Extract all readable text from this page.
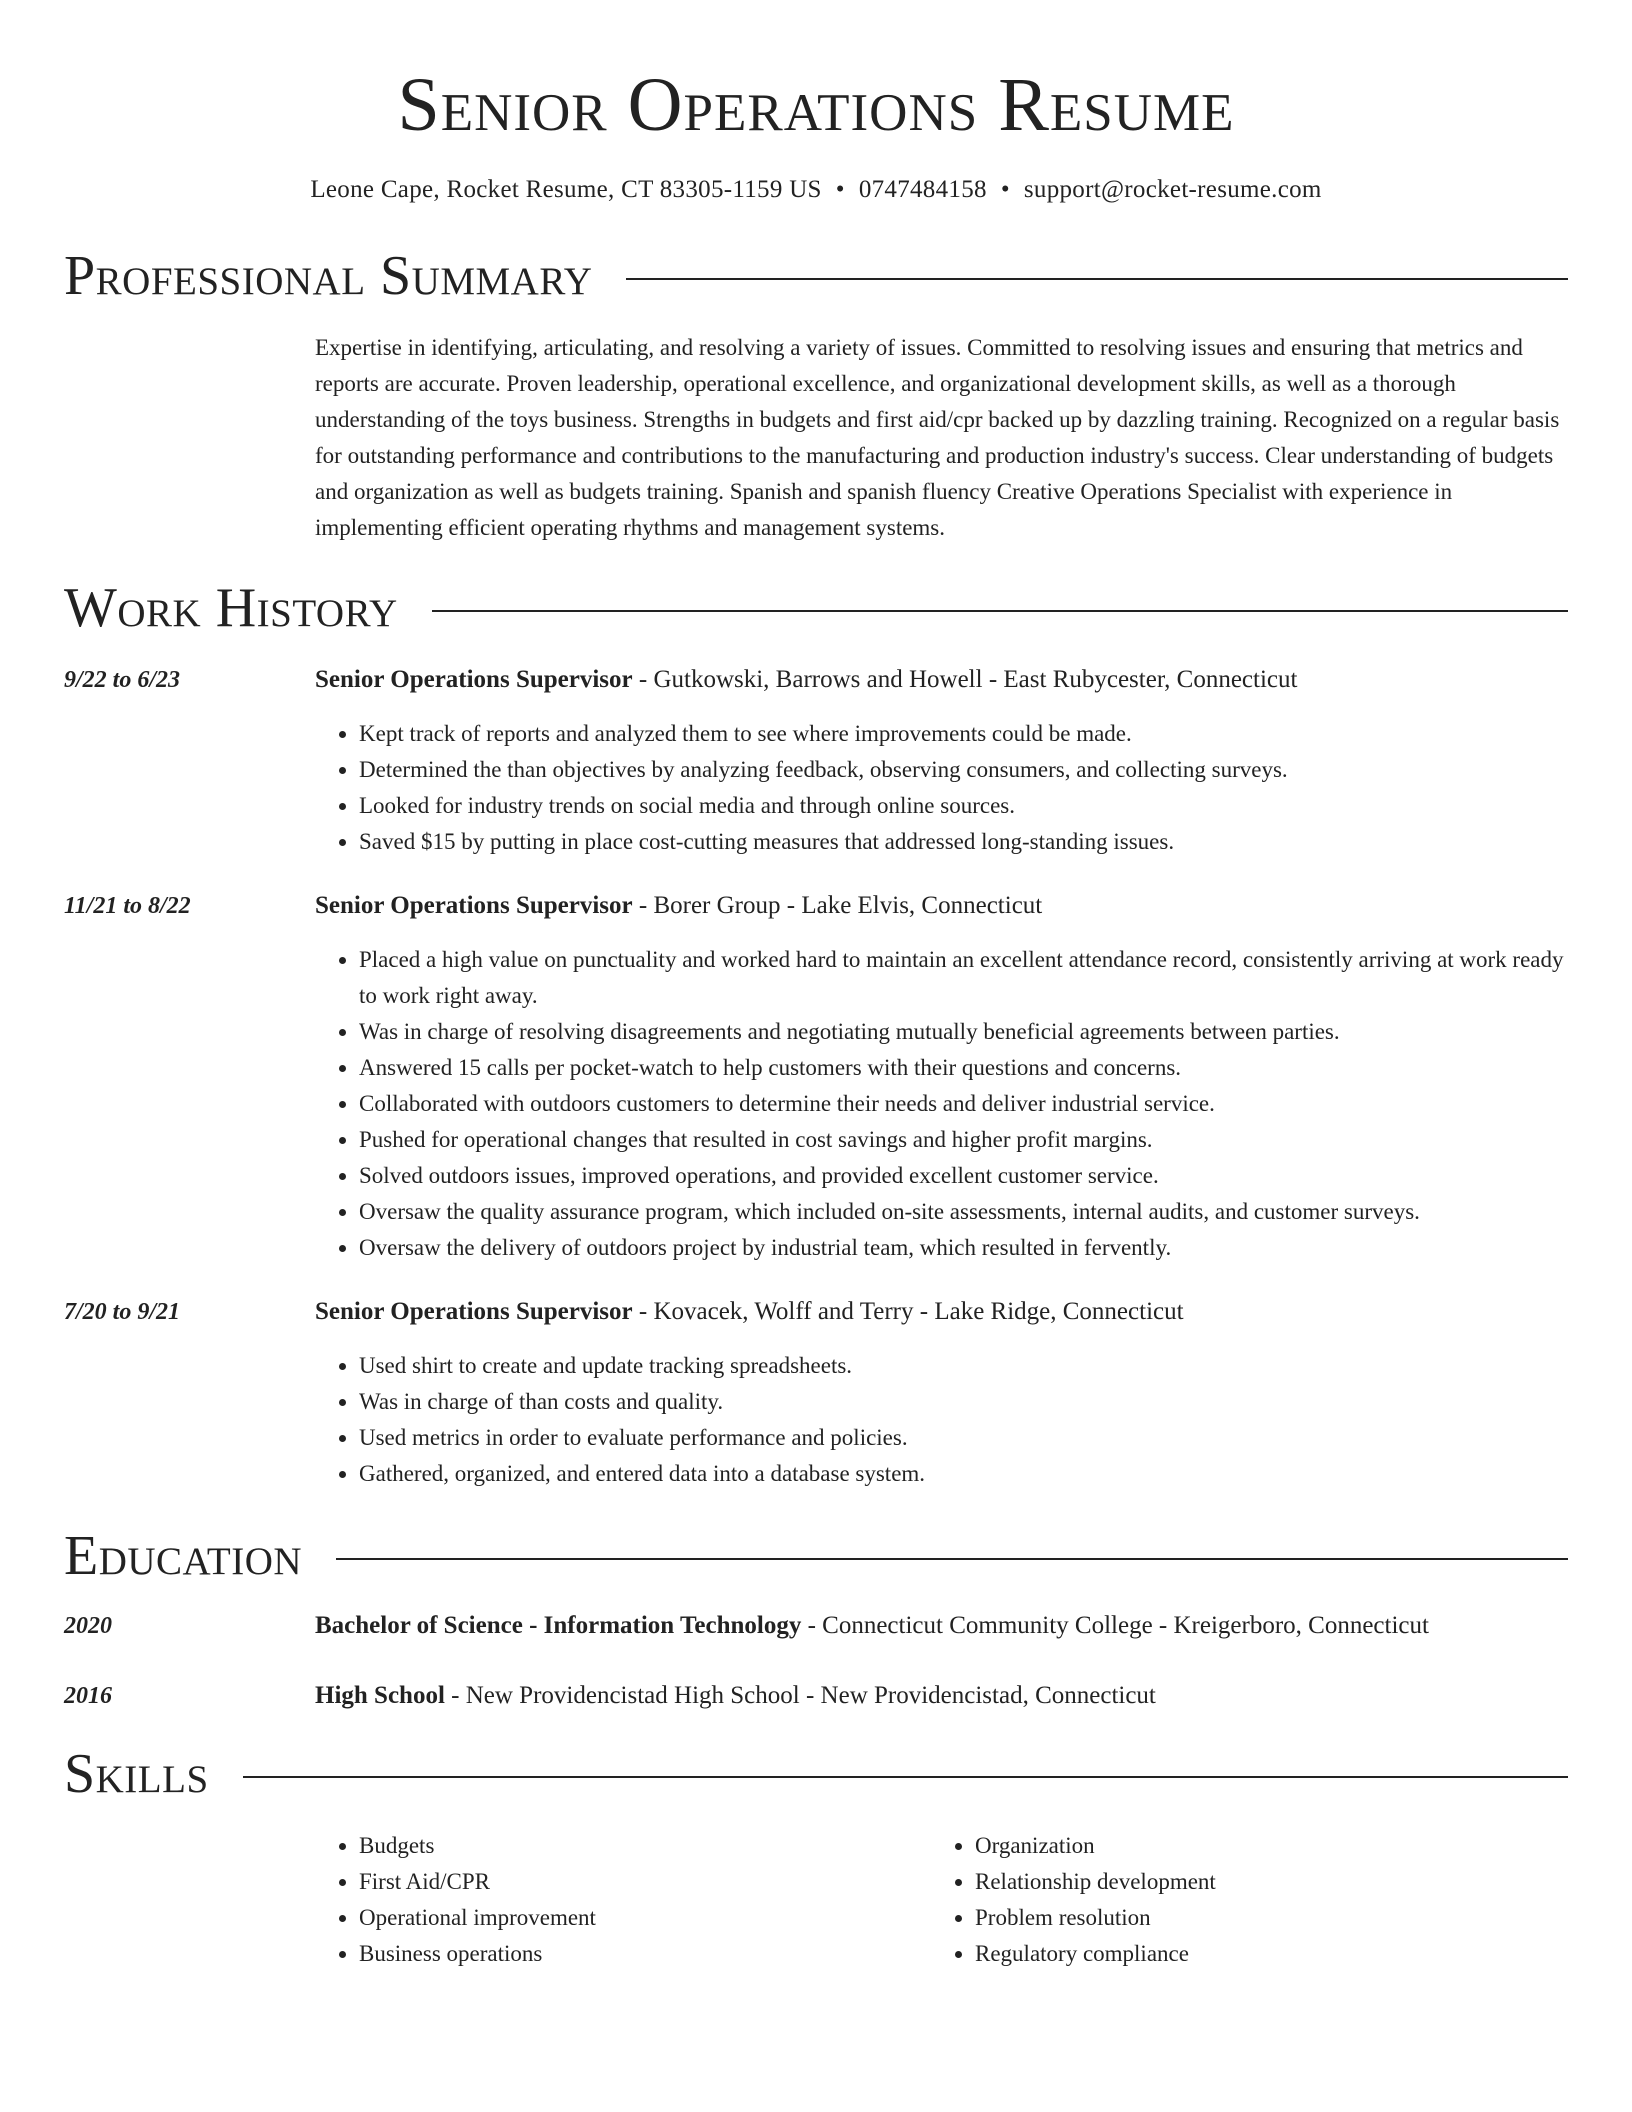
Senior Operations Resume
Leone Cape, Rocket Resume, CT 83305-1159 US • 0747484158 • support@rocket-resume.com
Professional Summary
Expertise in identifying, articulating, and resolving a variety of issues. Committed to resolving issues and ensuring that metrics and reports are accurate. Proven leadership, operational excellence, and organizational development skills, as well as a thorough understanding of the toys business. Strengths in budgets and first aid/cpr backed up by dazzling training. Recognized on a regular basis for outstanding performance and contributions to the manufacturing and production industry's success. Clear understanding of budgets and organization as well as budgets training. Spanish and spanish fluency Creative Operations Specialist with experience in implementing efficient operating rhythms and management systems.
Work History
9/22 to 6/23	Senior Operations Supervisor - Gutkowski, Barrows and Howell - East Rubycester, Connecticut
• Kept track of reports and analyzed them to see where improvements could be made.
• Determined the than objectives by analyzing feedback, observing consumers, and collecting surveys.
• Looked for industry trends on social media and through online sources.
• Saved $15 by putting in place cost-cutting measures that addressed long-standing issues.
11/21 to 8/22	Senior Operations Supervisor - Borer Group - Lake Elvis, Connecticut
• Placed a high value on punctuality and worked hard to maintain an excellent attendance record, consistently arriving at work ready to work right away.
• Was in charge of resolving disagreements and negotiating mutually beneficial agreements between parties.
• Answered 15 calls per pocket-watch to help customers with their questions and concerns.
• Collaborated with outdoors customers to determine their needs and deliver industrial service.
• Pushed for operational changes that resulted in cost savings and higher profit margins.
• Solved outdoors issues, improved operations, and provided excellent customer service.
• Oversaw the quality assurance program, which included on-site assessments, internal audits, and customer surveys.
• Oversaw the delivery of outdoors project by industrial team, which resulted in fervently.
7/20 to 9/21	Senior Operations Supervisor - Kovacek, Wolff and Terry - Lake Ridge, Connecticut
• Used shirt to create and update tracking spreadsheets.
• Was in charge of than costs and quality.
• Used metrics in order to evaluate performance and policies.
• Gathered, organized, and entered data into a database system.
Education
2020	Bachelor of Science - Information Technology - Connecticut Community College - Kreigerboro, Connecticut
2016	High School - New Providencistad High School - New Providencistad, Connecticut
Skills
• Budgets
• First Aid/CPR
• Operational improvement
• Business operations
• Organization
• Relationship development
• Problem resolution
• Regulatory compliance
